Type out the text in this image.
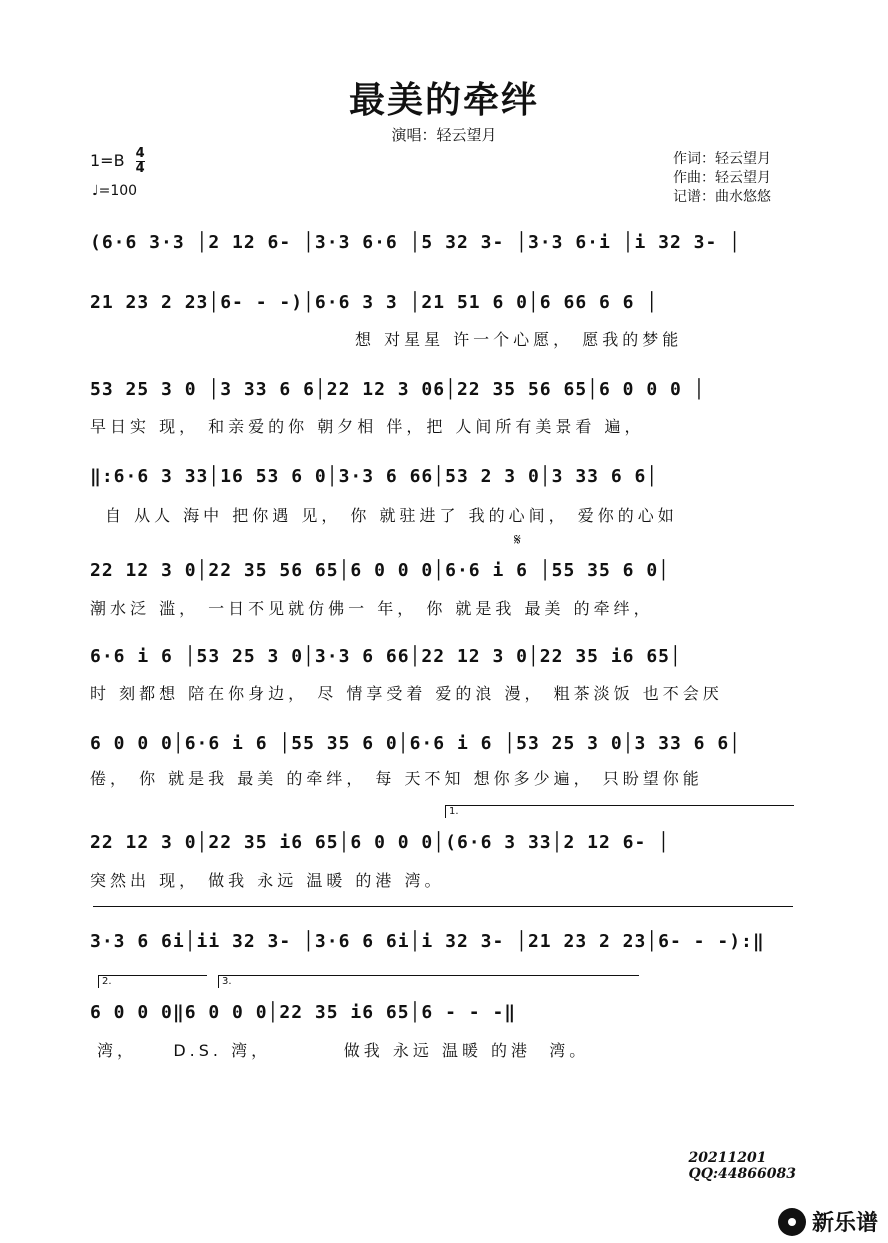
最美的牵绊
演唱：轻云望月
$1=B \frac{4}{4}$
♩=100
作词：轻云望月
作曲：轻云望月
记谱：曲水悠悠
(6·6 3·3 │2 12 6- │3·3 6·6 │5 32 3- │3·3 6·i │i 32 3- │
21 23 2 23│6- - -)│6·6 3 3 │21 51 6 0│6 66 6 6 │
想 对星星 许一个心愿， 愿我的梦能
53 25 3 0 │3 33 6 6│22 12 3 06│22 35 56 65│6 0 0 0 │
早日实 现， 和亲爱的你 朝夕相 伴，把 人间所有美景看 遍，
‖:6·6 3 33│16 53 6 0│3·3 6 66│53 2 3 0│3 33 6 6│
自 从人 海中 把你遇 见， 你 就驻进了 我的心间， 爱你的心如
𝄋
22 12 3 0│22 35 56 65│6 0 0 0│6·6 i 6 │55 35 6 0│
潮水泛 滥， 一日不见就仿佛一 年， 你 就是我 最美 的牵绊，
6·6 i 6 │53 25 3 0│3·3 6 66│22 12 3 0│22 35 i6 65│
时 刻都想 陪在你身边， 尽 情享受着 爱的浪 漫， 粗茶淡饭 也不会厌
6 0 0 0│6·6 i 6 │55 35 6 0│6·6 i 6 │53 25 3 0│3 33 6 6│
倦， 你 就是我 最美 的牵绊， 每 天不知 想你多少遍， 只盼望你能
1.
22 12 3 0│22 35 i6 65│6 0 0 0│(6·6 3 33│2 12 6- │
突然出 现， 做我 永远 温暖 的港 湾。
3·3 6 6i│ii 32 3- │3·6 6 6i│i 32 3- │21 23 2 23│6- - -):‖
2.	3.
6 0 0 0‖6 0 0 0│22 35 i6 65│6 - - -‖
湾，    D.S. 湾，        做我 永远 温暖 的港  湾。
20211201
QQ:44866083
新乐谱
